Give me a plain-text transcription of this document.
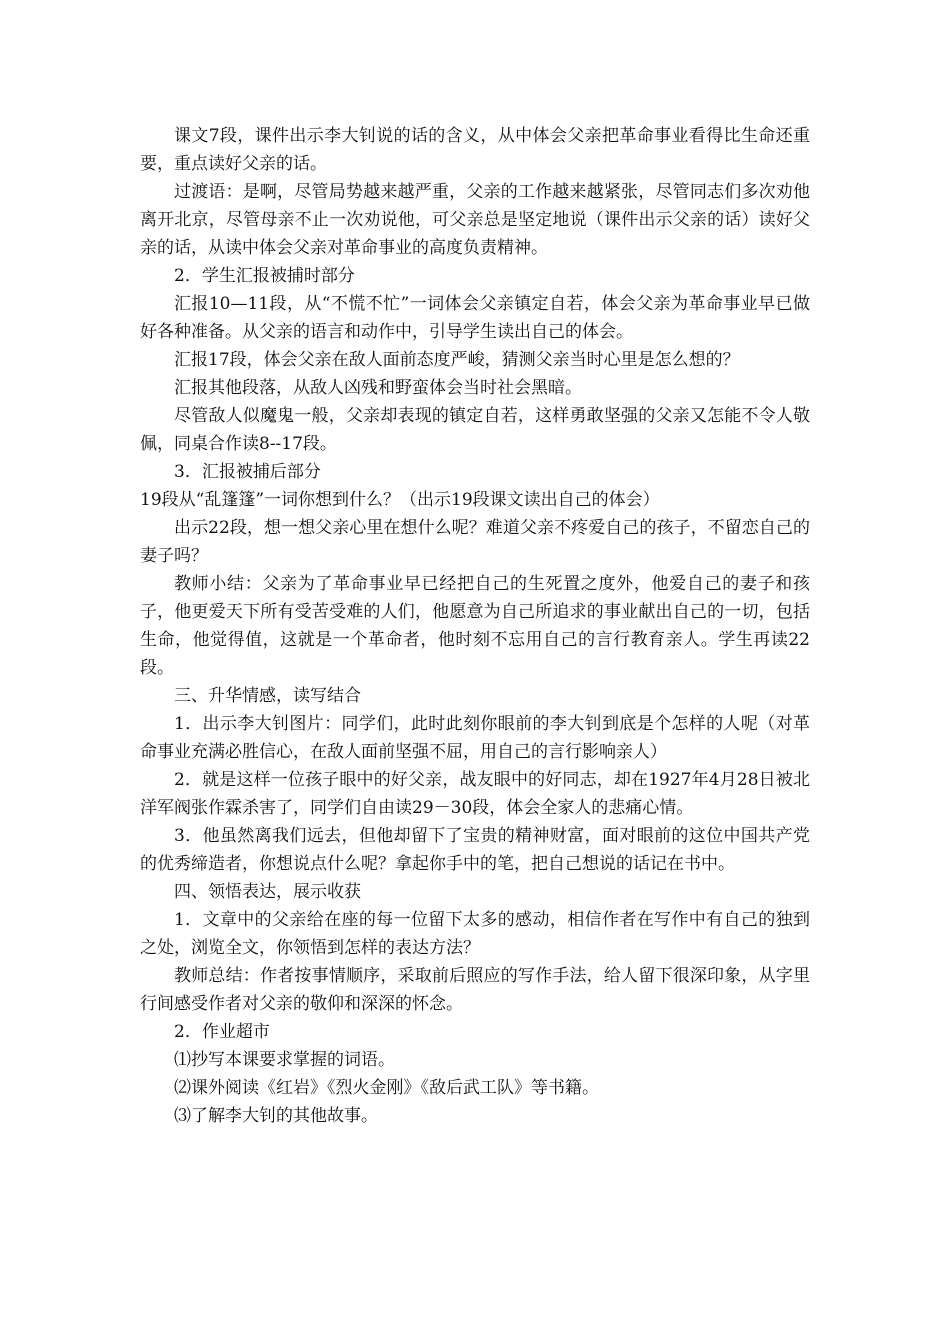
课文7段，课件出示李大钊说的话的含义，从中体会父亲把革命事业看得比生命还重要，重点读好父亲的话。

过渡语：是啊，尽管局势越来越严重，父亲的工作越来越紧张，尽管同志们多次劝他离开北京，尽管母亲不止一次劝说他，可父亲总是坚定地说（课件出示父亲的话）读好父亲的话，从读中体会父亲对革命事业的高度负责精神。

2．学生汇报被捕时部分

汇报10—11段，从“不慌不忙”一词体会父亲镇定自若，体会父亲为革命事业早已做好各种准备。从父亲的语言和动作中，引导学生读出自己的体会。

汇报17段，体会父亲在敌人面前态度严峻，猜测父亲当时心里是怎么想的？

汇报其他段落，从敌人凶残和野蛮体会当时社会黑暗。

尽管敌人似魔鬼一般，父亲却表现的镇定自若，这样勇敢坚强的父亲又怎能不令人敬佩，同桌合作读8--17段。

3．汇报被捕后部分

19段从“乱篷篷”一词你想到什么？（出示19段课文读出自己的体会）

出示22段，想一想父亲心里在想什么呢？难道父亲不疼爱自己的孩子，不留恋自己的妻子吗？

教师小结：父亲为了革命事业早已经把自己的生死置之度外，他爱自己的妻子和孩子，他更爱天下所有受苦受难的人们，他愿意为自己所追求的事业献出自己的一切，包括生命，他觉得值，这就是一个革命者，他时刻不忘用自己的言行教育亲人。学生再读22段。

三、升华情感，读写结合

1．出示李大钊图片：同学们，此时此刻你眼前的李大钊到底是个怎样的人呢（对革命事业充满必胜信心，在敌人面前坚强不屈，用自己的言行影响亲人）

2．就是这样一位孩子眼中的好父亲，战友眼中的好同志，却在1927年4月28日被北洋军阀张作霖杀害了，同学们自由读29－30段，体会全家人的悲痛心情。

3．他虽然离我们远去，但他却留下了宝贵的精神财富，面对眼前的这位中国共产党的优秀缔造者，你想说点什么呢？拿起你手中的笔，把自己想说的话记在书中。

四、领悟表达，展示收获

1．文章中的父亲给在座的每一位留下太多的感动，相信作者在写作中有自己的独到之处，浏览全文，你领悟到怎样的表达方法？

教师总结：作者按事情顺序，采取前后照应的写作手法，给人留下很深印象，从字里行间感受作者对父亲的敬仰和深深的怀念。

2．作业超市

⑴抄写本课要求掌握的词语。

⑵课外阅读《红岩》《烈火金刚》《敌后武工队》等书籍。

⑶了解李大钊的其他故事。
